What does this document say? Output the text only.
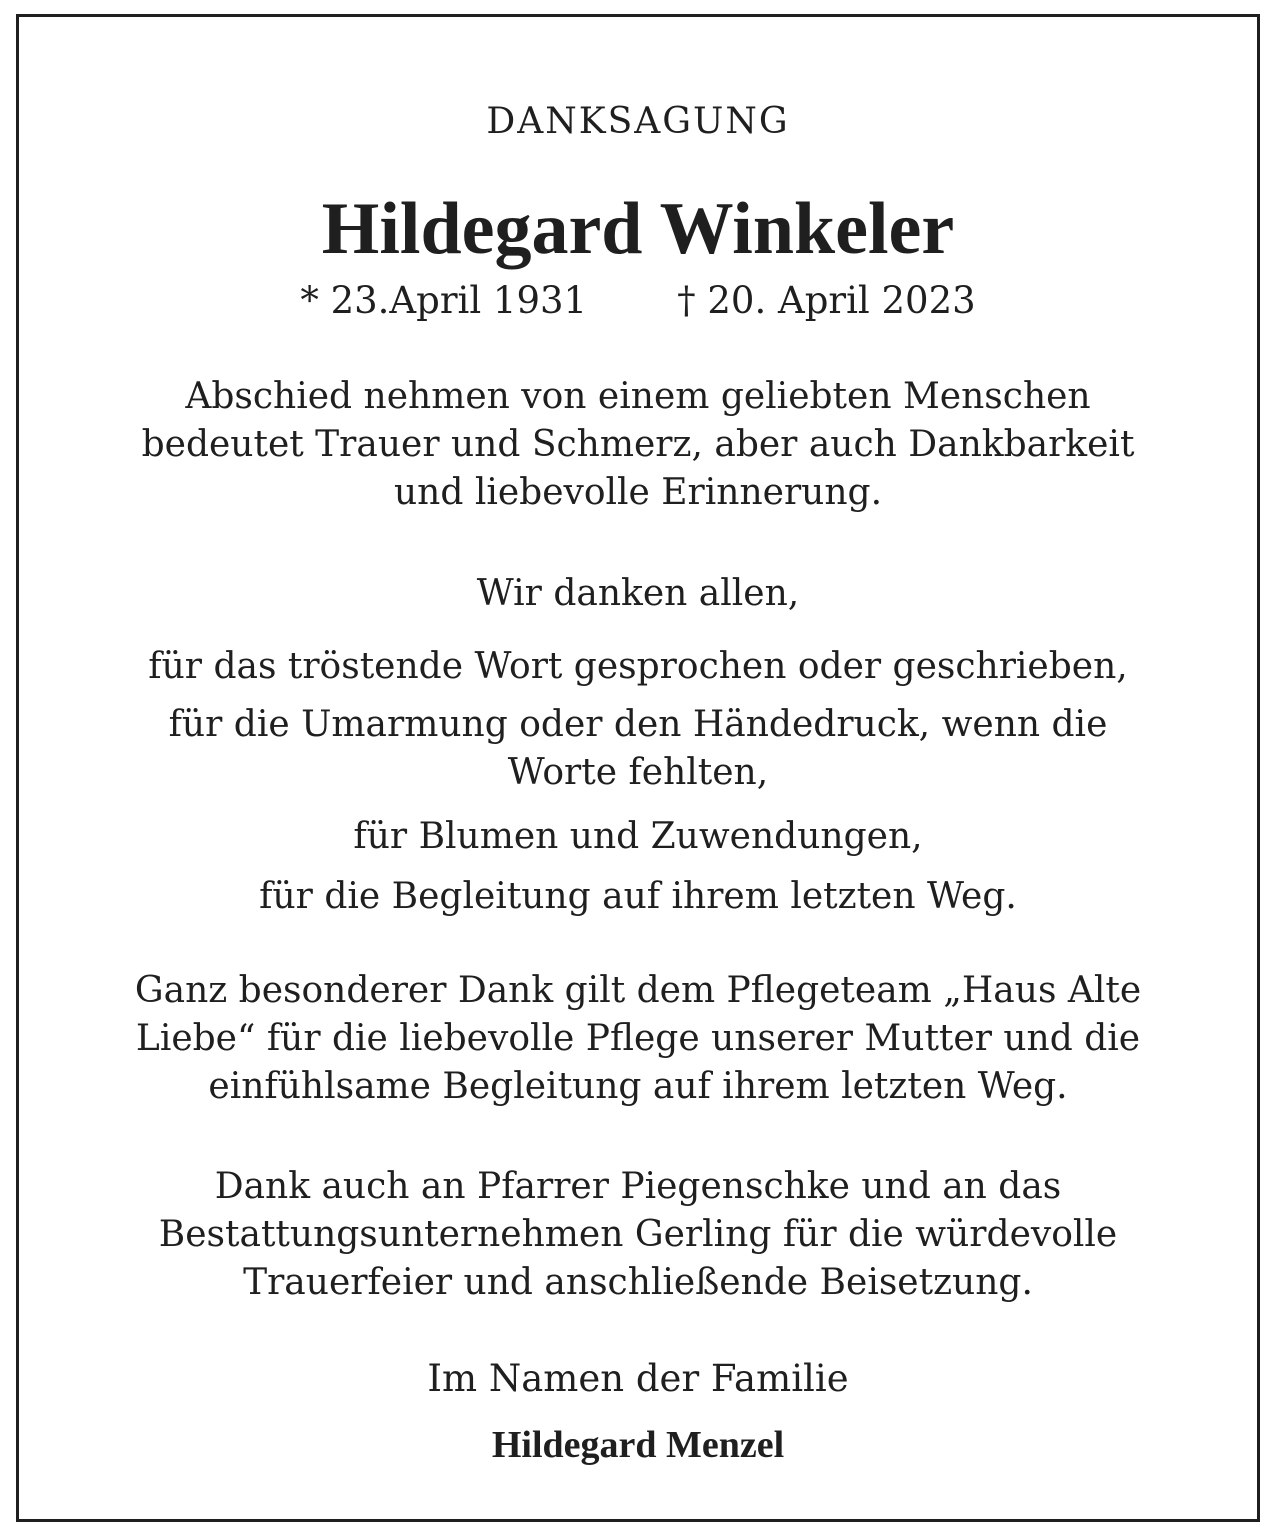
DANKSAGUNG
Hildegard Winkeler
* 23.April 1931 † 20. April 2023
Abschied nehmen von einem geliebten Menschen
bedeutet Trauer und Schmerz, aber auch Dankbarkeit
und liebevolle Erinnerung.
Wir danken allen,
für das tröstende Wort gesprochen oder geschrieben,
für die Umarmung oder den Händedruck, wenn die
Worte fehlten,
für Blumen und Zuwendungen,
für die Begleitung auf ihrem letzten Weg.
Ganz besonderer Dank gilt dem Pflegeteam „Haus Alte
Liebe“ für die liebevolle Pflege unserer Mutter und die
einfühlsame Begleitung auf ihrem letzten Weg.
Dank auch an Pfarrer Piegenschke und an das
Bestattungsunternehmen Gerling für die würdevolle
Trauerfeier und anschließende Beisetzung.
Im Namen der Familie
Hildegard Menzel
